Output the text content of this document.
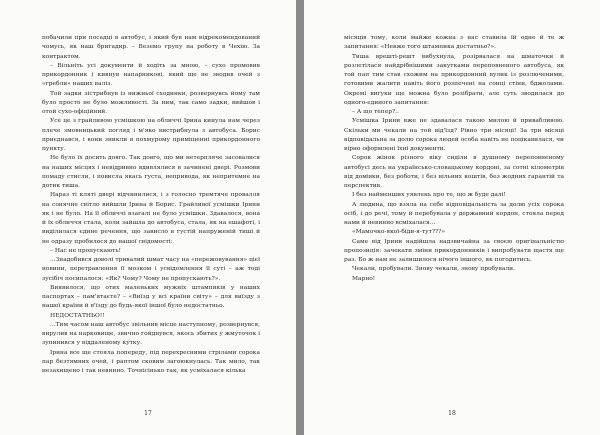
побачили при посадці в автобус, і який був нам відрекомендований чомусь, як наш бригадир. – Веземо групу на роботу в Чехію. За контрактом.

– Вільніть усі документи й ходіть за мною, – сухо промовив прикордонник і кивнув напарникові, який ще не зводив очей з «гребли» наших валіз.

Той задки зістрибнув із нижньої сходинки, розвернувсь йому там було просто не було можливості. За ним, так само задки, вийшов і отой сухо-офіційний.

Усе це з грайливою усмішкою на обличчі Ірина кинула нам через плече змовницький погляд і м'яко вистрибнула з автобуса. Борис приєднався, і вони зникли в похмурому приміщенні прикордонного пункту.

Не було їх досить довго. Так довго, що ми нетерпляче засовалися на наших місцях і невідривно вдивлялися в зачинені двері. Розмови помаду стисли, і повисла якась густа, непривода, як непритемне на дотик тиша.

Нараз ті кляті двері відчинилися, і з голосно тремтяче провалля на сонячне світло вийшли Ірина й Борис. Грайливої усмішки Ірини як і не було. На її обличчі взагалі не було усмішки. Здавалося, вона й їх обличчя стала, коли зайшла до автобуса, стала, як на ешафоті, і виділилася єдине речення, що зависло в густій напруженій тиші й не одразу пробилося до нашої свідомості:

– Нас не пропускають!

...Знадобився доволі тривалий шмат часу на «пережовування» цієї новини, перетравлення її мозком і усвідомлення її суті – аж тоді зусібіч посипалося: «Як? Чому? Чому не пропускають?».

Виявилося, що отих маленьких мужніх штампиків у наших паспортах – пам'ятаєте? – «Виїзд у всі країни світу» – для виїзду з нашої країни й в'їзду до будь-якої іншої було недостатньо.

НЕДОСТАТНЬО!!

...Тим часом наш автобус звільнив місце наступному, розвернувся, вирулив на нарковище, звично гойднувся, якось збитих у жмуточок і зупинився у віддаленому кутку.

Ірина все ще стояла попереду, під перехресними стрілами сорока пар безтямних очей, і раптом сковим загоюкнулась. Так мило, так незахищено і так невинно. Точнісінько так, як усміхалася кілька

17

місяців тому, коли майже кожна з нас ставила їй одне й те ж запитання: «Невже того штампика достатньо?».

Тиша врешті-решт вибухнула, розірвалася на шматочки й розлетілася найдрібнішими закутками переповненого автобуса, як той пап тим став схожим на прикордонний вулик із розлюченими, готовими жалити навіть його розпечені на сонці стіни, бджолами. Окремі вигуки ще можна було розібрати, але суть зводилася до одного-єдиного запитання:

– А що тепер?..

Усмішка Ірини вже не здавалася такою милою й привабливою. Скільки ми чекали на той від'їзд? Рівно три місяці! За три місяці відповідальна за долю сорока людей особа навіть не поцікавилася, чи вірно оформлені їхні документи.

Сорок жінок різного віку сиділи в душному переповненому автобусі десь на українсько-словацькому кордоні, за сотні кілометрів від домівки, без роботи, і без вільних коштів, без жодних гарантій та перспектив.

І без найменших уявлень про те, що ж буде далі!

А людина, що взяла на себе відповідальність за долю усіх сорока осіб, і до речі, тому й перебувала у державний кордон, стояла перед нами й невинно всміхалася...

«Мамочко-якої-біди-я-тут???»

Саме від Ірини надійшла надзвичайна за своєю оригінальністю пропозиція: зачекати зміни прикордонників і випробувати щастя ще раз. Бо ж нам не залишилося нічого іншого, як погодитись.

Чекали, пробували. Знову чекали, знову пробували.

Марно!

18
